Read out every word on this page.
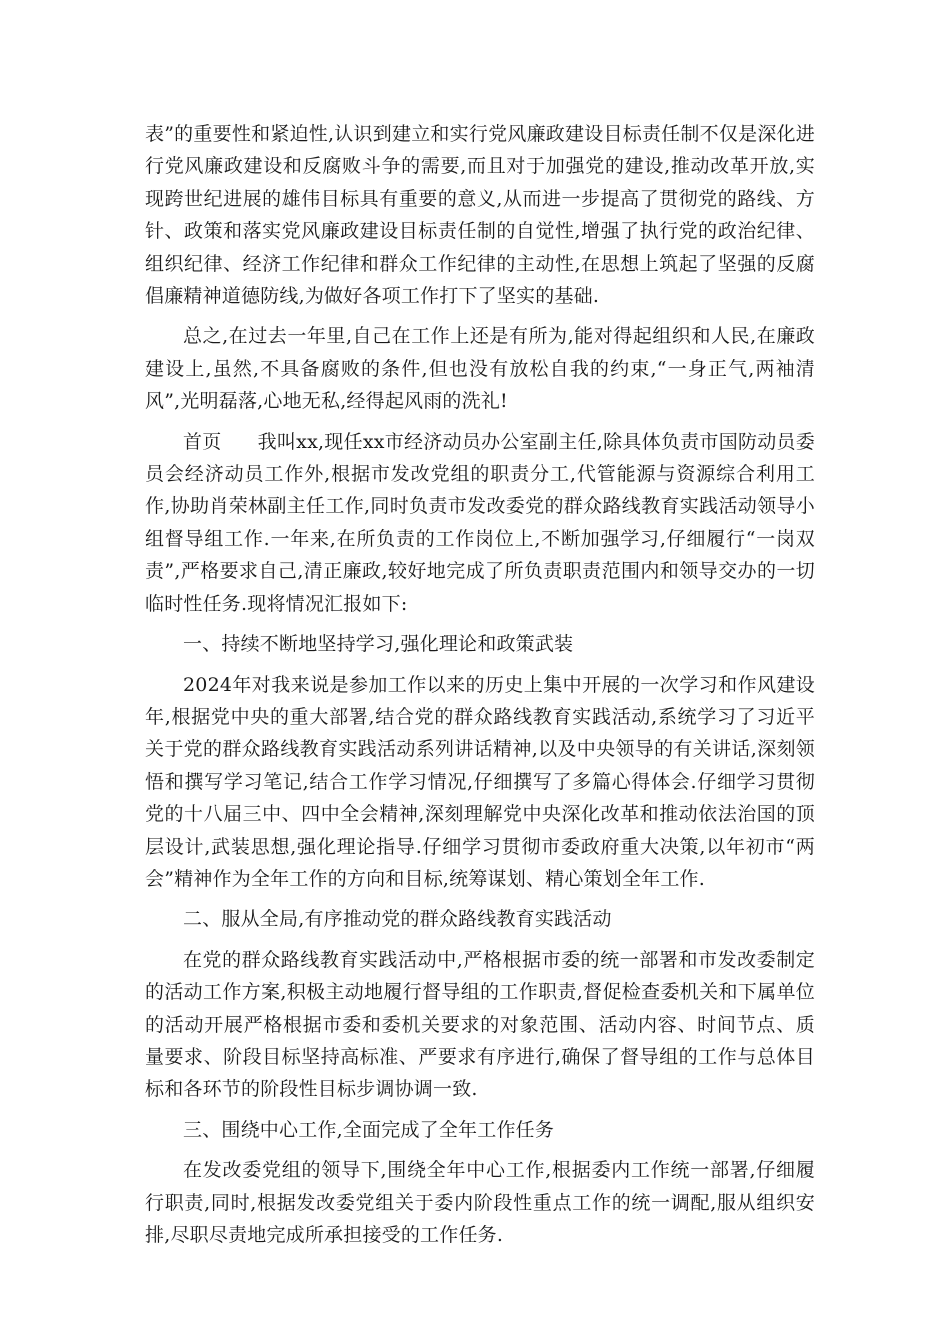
表”的重要性和紧迫性,认识到建立和实行党风廉政建设目标责任制不仅是深化进行党风廉政建设和反腐败斗争的需要,而且对于加强党的建设,推动改革开放,实现跨世纪进展的雄伟目标具有重要的意义,从而进一步提高了贯彻党的路线、方针、政策和落实党风廉政建设目标责任制的自觉性,增强了执行党的政治纪律、组织纪律、经济工作纪律和群众工作纪律的主动性,在思想上筑起了坚强的反腐倡廉精神道德防线,为做好各项工作打下了坚实的基础.

总之,在过去一年里,自己在工作上还是有所为,能对得起组织和人民,在廉政建设上,虽然,不具备腐败的条件,但也没有放松自我的约束,“一身正气,两袖清风”,光明磊落,心地无私,经得起风雨的洗礼!

首页 我叫xx,现任xx市经济动员办公室副主任,除具体负责市国防动员委员会经济动员工作外,根据市发改党组的职责分工,代管能源与资源综合利用工作,协助肖荣林副主任工作,同时负责市发改委党的群众路线教育实践活动领导小组督导组工作.一年来,在所负责的工作岗位上,不断加强学习,仔细履行“一岗双责”,严格要求自己,清正廉政,较好地完成了所负责职责范围内和领导交办的一切临时性任务.现将情况汇报如下:

一、持续不断地坚持学习,强化理论和政策武装

2024年对我来说是参加工作以来的历史上集中开展的一次学习和作风建设年,根据党中央的重大部署,结合党的群众路线教育实践活动,系统学习了习近平关于党的群众路线教育实践活动系列讲话精神,以及中央领导的有关讲话,深刻领悟和撰写学习笔记,结合工作学习情况,仔细撰写了多篇心得体会.仔细学习贯彻党的十八届三中、四中全会精神,深刻理解党中央深化改革和推动依法治国的顶层设计,武装思想,强化理论指导.仔细学习贯彻市委政府重大决策,以年初市“两会”精神作为全年工作的方向和目标,统筹谋划、精心策划全年工作.

二、服从全局,有序推动党的群众路线教育实践活动

在党的群众路线教育实践活动中,严格根据市委的统一部署和市发改委制定的活动工作方案,积极主动地履行督导组的工作职责,督促检查委机关和下属单位的活动开展严格根据市委和委机关要求的对象范围、活动内容、时间节点、质量要求、阶段目标坚持高标准、严要求有序进行,确保了督导组的工作与总体目标和各环节的阶段性目标步调协调一致.

三、围绕中心工作,全面完成了全年工作任务

在发改委党组的领导下,围绕全年中心工作,根据委内工作统一部署,仔细履行职责,同时,根据发改委党组关于委内阶段性重点工作的统一调配,服从组织安排,尽职尽责地完成所承担接受的工作任务.
